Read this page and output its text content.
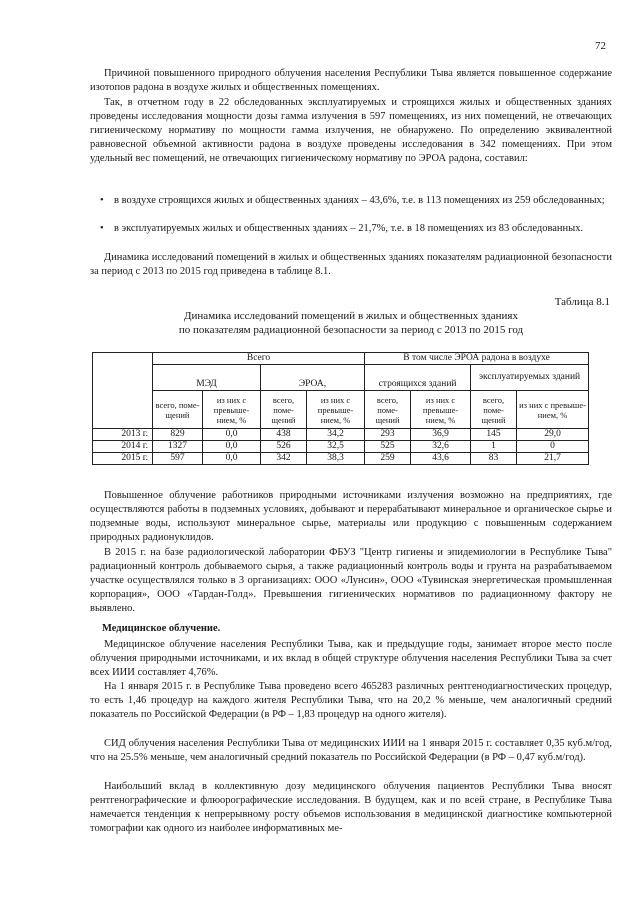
72

Причиной повышенного природного облучения населения Республики Тыва является повышенное содержание изотопов радона в воздухе жилых и общественных помещениях.

Так, в отчетном году в 22 обследованных эксплуатируемых и строящихся жилых и общественных зданиях проведены исследования мощности дозы гамма излучения в 597 помещениях, из них помещений, не отвечающих гигиеническому нормативу по мощности гамма излучения, не обнаружено. По определению эквивалентной равновесной объемной активности радона в воздухе проведены исследования в 342 помещениях. При этом удельный вес помещений, не отвечающих гигиеническому нормативу по ЭРОА радона, составил:

• в воздухе строящихся жилых и общественных зданиях – 43,6%, т.е. в 113 помещениях из 259 обследованных;

• в эксплуатируемых жилых и общественных зданиях – 21,7%, т.е. в 18 помещениях из 83 обследованных.

Динамика исследований помещений в жилых и общественных зданиях показателям радиационной безопасности за период с 2013 по 2015 год приведена в таблице 8.1.

Таблица 8.1

Динамика исследований помещений в жилых и общественных зданиях
по показателям радиационной безопасности за период с 2013 по 2015 год

	Всего				В том числе ЭРОА радона в воздухе			
	МЭД		ЭРОА,		строящихся зданий		эксплуатируемых зданий	
	всего, поме-щений	из них с превыше-нием, %	всего, поме-щений	из них с превыше-нием, %	всего, поме-щений	из них с превыше-нием, %	всего, поме-щений	из них с превыше-нием, %
2013 г.	829	0,0	438	34,2	293	36,9	145	29,0
2014 г.	1327	0,0	526	32,5	525	32,6	1	0
2015 г.	597	0,0	342	38,3	259	43,6	83	21,7

Повышенное облучение работников природными источниками излучения возможно на предприятиях, где осуществляются работы в подземных условиях, добывают и перерабатывают минеральное и органическое сырье и подземные воды, используют минеральное сырье, материалы или продукцию с повышенным содержанием природных радионуклидов.

В 2015 г. на базе радиологической лаборатории ФБУЗ "Центр гигиены и эпидемиологии в Республике Тыва" радиационный контроль добываемого сырья, а также радиационный контроль воды и грунта на разрабатываемом участке осуществлялся только в 3 организациях: ООО «Лунсин», ООО «Тувинская энергетическая промышленная корпорация», ООО «Тардан-Голд». Превышения гигиенических нормативов по радиационному фактору не выявлено.

Медицинское облучение.

Медицинское облучение населения Республики Тыва, как и предыдущие годы, занимает второе место после облучения природными источниками, и их вклад в общей структуре облучения населения Республики Тыва за счет всех ИИИ составляет 4,76%.

На 1 января 2015 г. в Республике Тыва проведено всего 465283 различных рентгенодиагностических процедур, то есть 1,46 процедур на каждого жителя Республики Тыва, что на 20,2 % меньше, чем аналогичный средний показатель по Российской Федерации (в РФ – 1,83 процедур на одного жителя).

СИД облучения населения Республики Тыва от медицинских ИИИ на 1 января 2015 г. составляет 0,35 куб.м/год, что на 25.5% меньше, чем аналогичный средний показатель по Российской Федерации (в РФ – 0,47 куб.м/год).

Наибольший вклад в коллективную дозу медицинского облучения пациентов Республики Тыва вносят рентгенографические и флюорографические исследования. В будущем, как и по всей стране, в Республике Тыва намечается тенденция к непрерывному росту объемов использования в медицинской диагностике компьютерной томографии как одного из наиболее информативных ме-
